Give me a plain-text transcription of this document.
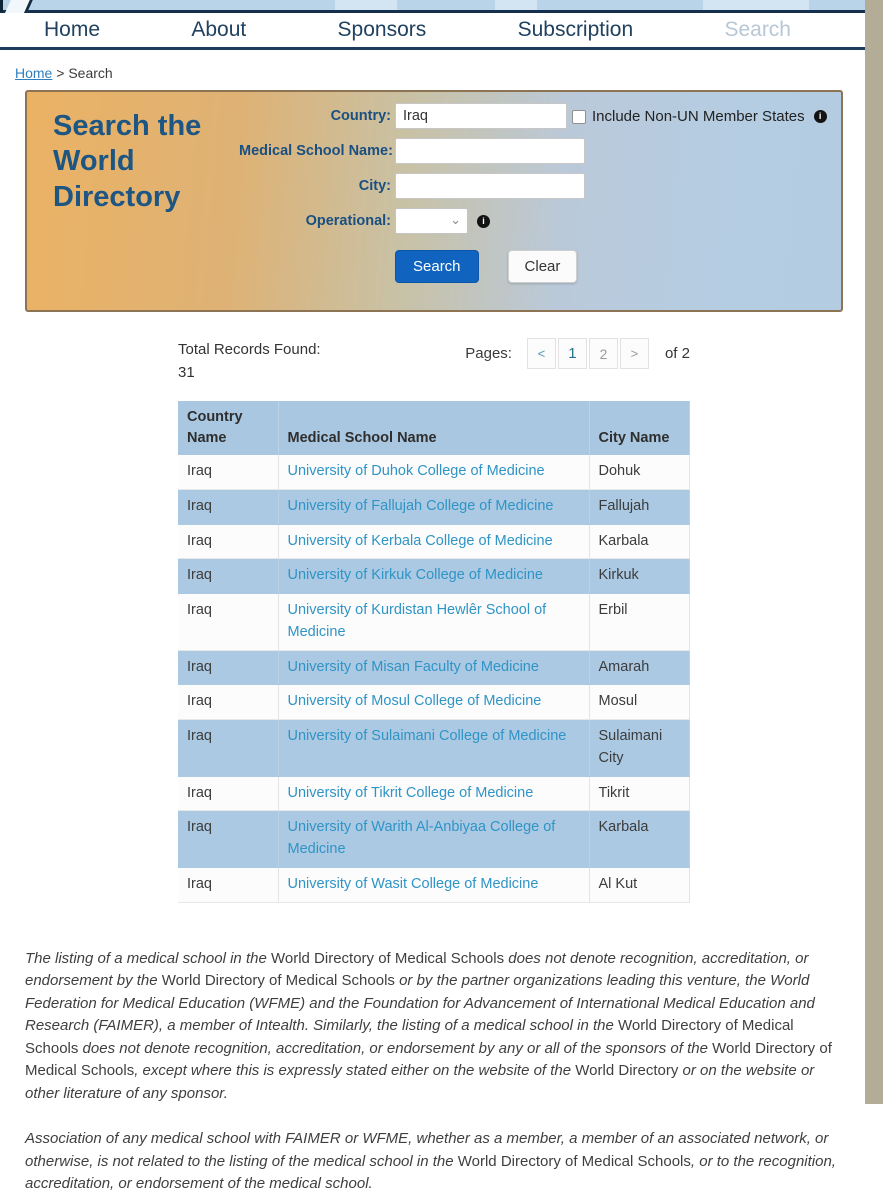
Home	About	Sponsors	Subscription	Search
Home > Search
Search the World Directory
Country:
Iraq
Medical School Name:
City:
Operational:	⌄	i
Search	Clear
Include Non-UN Member States	i
Total Records Found:
31
Pages:	<	1	2	>	of 2
Country Name	Medical School Name	City Name
Iraq	University of Duhok College of Medicine	Dohuk
Iraq	University of Fallujah College of Medicine	Fallujah
Iraq	University of Kerbala College of Medicine	Karbala
Iraq	University of Kirkuk College of Medicine	Kirkuk
Iraq	University of Kurdistan Hewlêr School of Medicine	Erbil
Iraq	University of Misan Faculty of Medicine	Amarah
Iraq	University of Mosul College of Medicine	Mosul
Iraq	University of Sulaimani College of Medicine	Sulaimani City
Iraq	University of Tikrit College of Medicine	Tikrit
Iraq	University of Warith Al-Anbiyaa College of Medicine	Karbala
Iraq	University of Wasit College of Medicine	Al Kut

The listing of a medical school in the World Directory of Medical Schools does not denote recognition, accreditation, or endorsement by the World Directory of Medical Schools or by the partner organizations leading this venture, the World Federation for Medical Education (WFME) and the Foundation for Advancement of International Medical Education and Research (FAIMER), a member of Intealth. Similarly, the listing of a medical school in the World Directory of Medical Schools does not denote recognition, accreditation, or endorsement by any or all of the sponsors of the World Directory of Medical Schools, except where this is expressly stated either on the website of the World Directory or on the website or other literature of any sponsor.

Association of any medical school with FAIMER or WFME, whether as a member, a member of an associated network, or otherwise, is not related to the listing of the medical school in the World Directory of Medical Schools, or to the recognition, accreditation, or endorsement of the medical school.
